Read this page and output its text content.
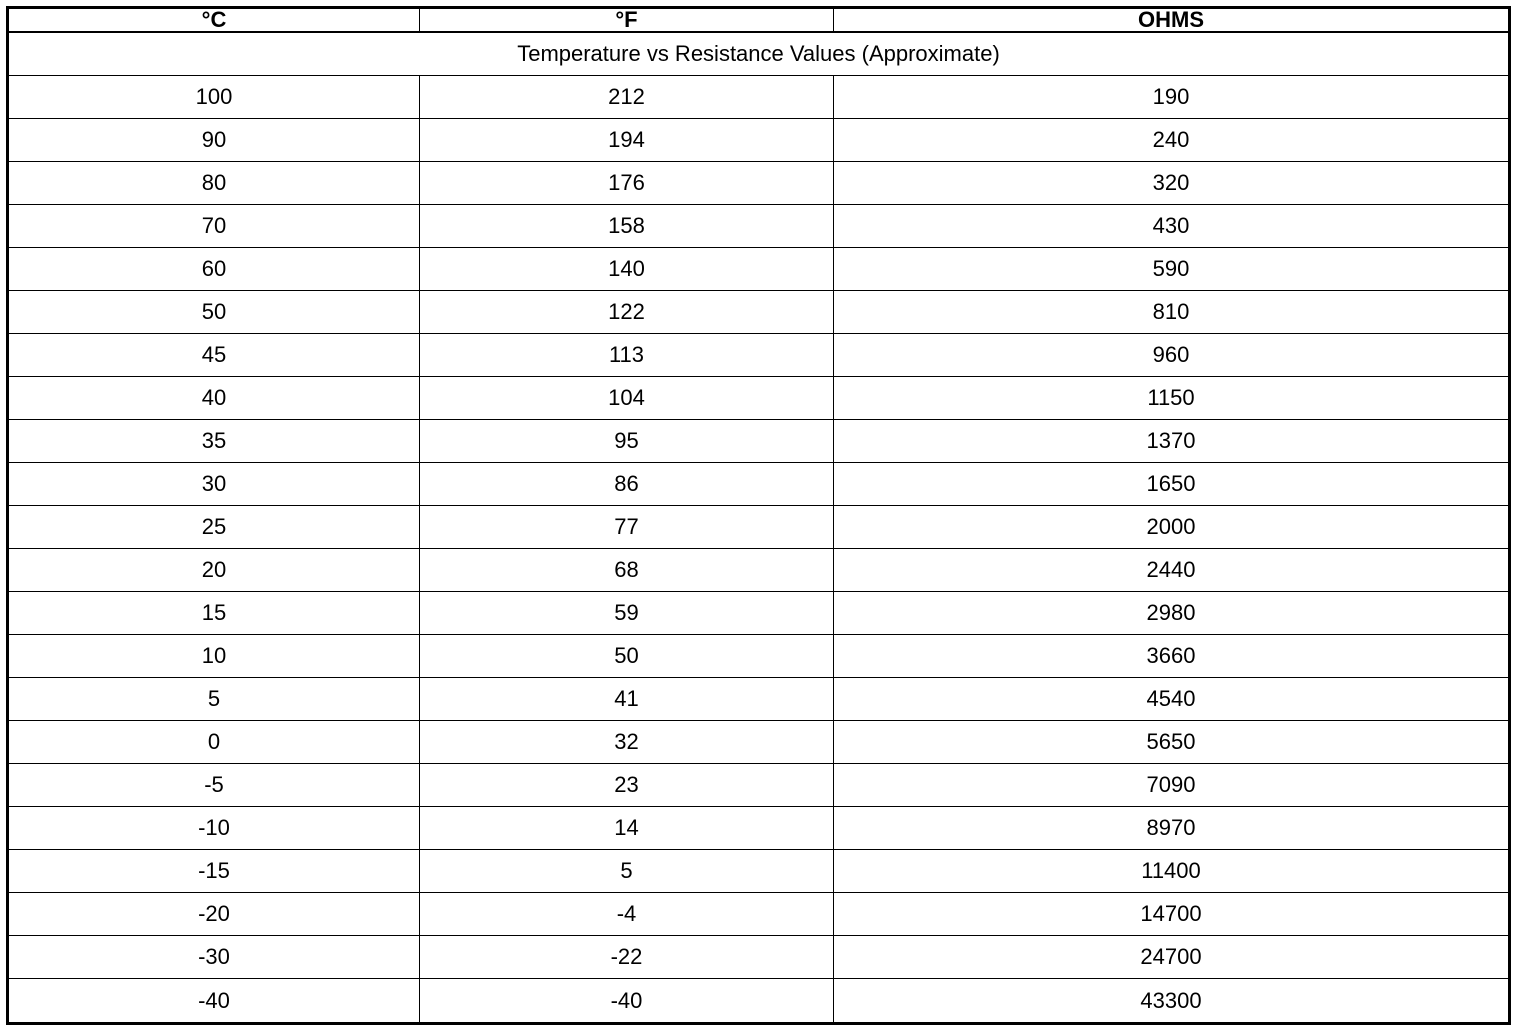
°C	°F	OHMS
Temperature vs Resistance Values (Approximate)		
100	212	190
90	194	240
80	176	320
70	158	430
60	140	590
50	122	810
45	113	960
40	104	1150
35	95	1370
30	86	1650
25	77	2000
20	68	2440
15	59	2980
10	50	3660
5	41	4540
0	32	5650
-5	23	7090
-10	14	8970
-15	5	11400
-20	-4	14700
-30	-22	24700
-40	-40	43300
